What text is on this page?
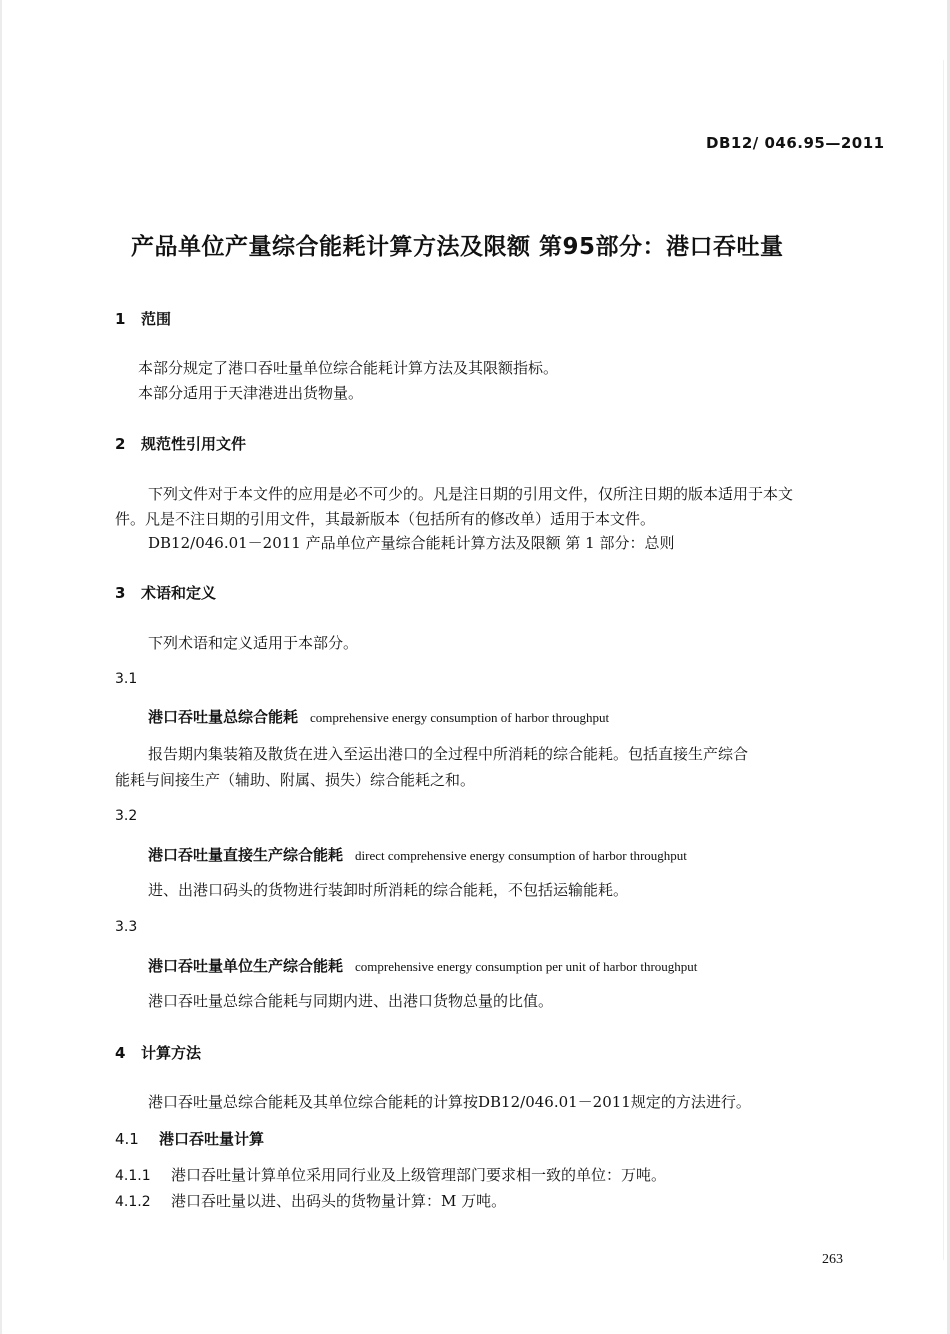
DB12/ 046.95—2011
产品单位产量综合能耗计算方法及限额 第95部分：港口吞吐量
1 范围
本部分规定了港口吞吐量单位综合能耗计算方法及其限额指标。
本部分适用于天津港进出货物量。
2 规范性引用文件
下列文件对于本文件的应用是必不可少的。凡是注日期的引用文件，仅所注日期的版本适用于本文
件。凡是不注日期的引用文件，其最新版本（包括所有的修改单）适用于本文件。
DB12/046.01－2011 产品单位产量综合能耗计算方法及限额 第 1 部分：总则
3 术语和定义
下列术语和定义适用于本部分。
3.1
港口吞吐量总综合能耗 comprehensive energy consumption of harbor throughput
报告期内集装箱及散货在进入至运出港口的全过程中所消耗的综合能耗。包括直接生产综合
能耗与间接生产（辅助、附属、损失）综合能耗之和。
3.2
港口吞吐量直接生产综合能耗 direct comprehensive energy consumption of harbor throughput
进、出港口码头的货物进行装卸时所消耗的综合能耗，不包括运输能耗。
3.3
港口吞吐量单位生产综合能耗 comprehensive energy consumption per unit of harbor throughput
港口吞吐量总综合能耗与同期内进、出港口货物总量的比值。
4 计算方法
港口吞吐量总综合能耗及其单位综合能耗的计算按DB12/046.01－2011规定的方法进行。
4.1 港口吞吐量计算
4.1.1 港口吞吐量计算单位采用同行业及上级管理部门要求相一致的单位：万吨。
4.1.2 港口吞吐量以进、出码头的货物量计算：M 万吨。
263
